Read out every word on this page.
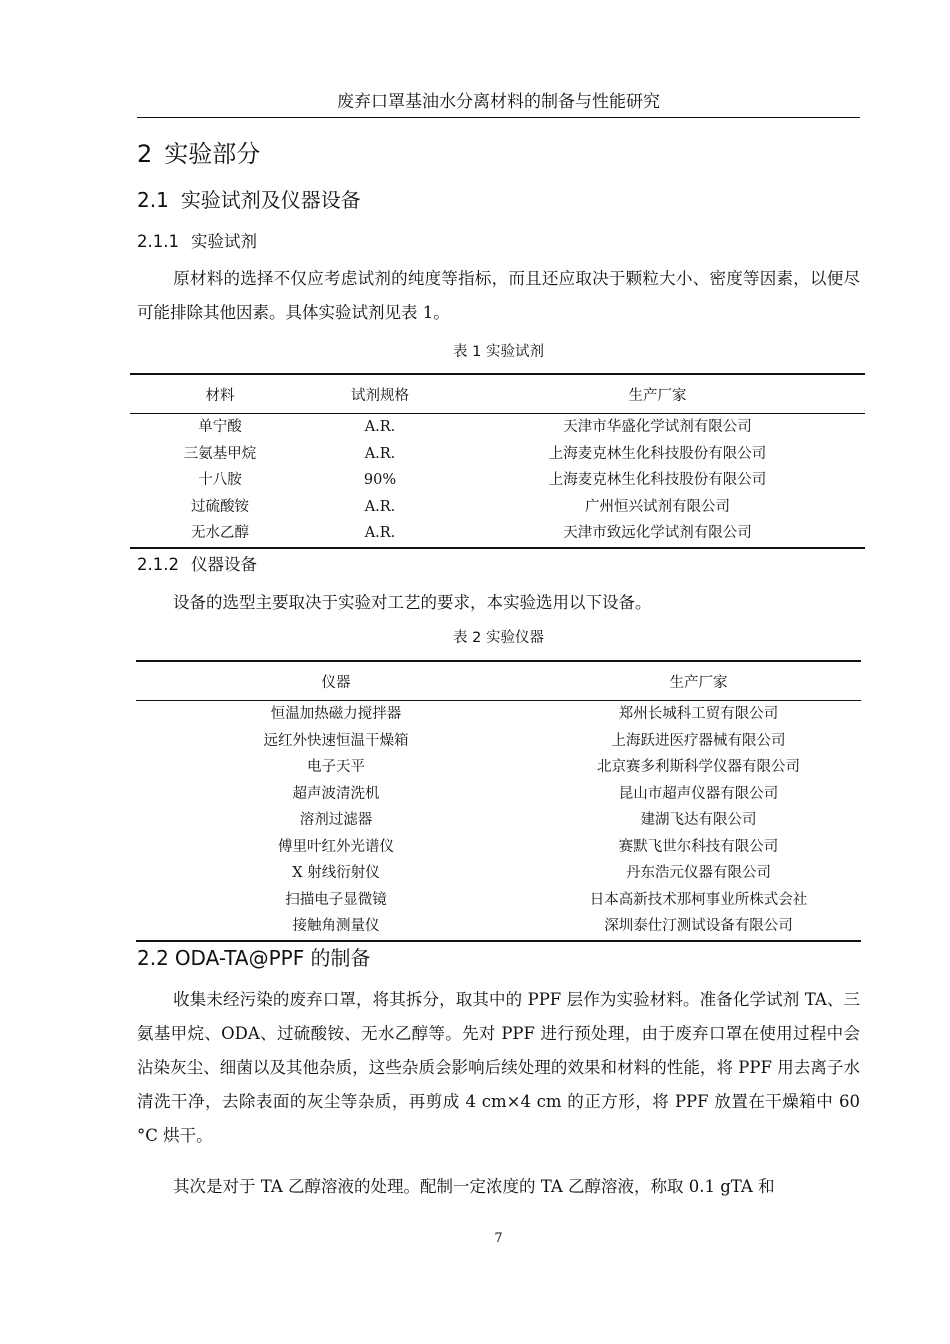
废弃口罩基油水分离材料的制备与性能研究
2 实验部分
2.1 实验试剂及仪器设备
2.1.1 实验试剂

原材料的选择不仅应考虑试剂的纯度等指标，而且还应取决于颗粒大小、密度等因素，以便尽可能排除其他因素。具体实验试剂见表 1。

表 1 实验试剂
材料	试剂规格	生产厂家
单宁酸	A.R.	天津市华盛化学试剂有限公司
三氨基甲烷	A.R.	上海麦克林生化科技股份有限公司
十八胺	90%	上海麦克林生化科技股份有限公司
过硫酸铵	A.R.	广州恒兴试剂有限公司
无水乙醇	A.R.	天津市致远化学试剂有限公司
2.1.2 仪器设备

设备的选型主要取决于实验对工艺的要求，本实验选用以下设备。

表 2 实验仪器
仪器	生产厂家
恒温加热磁力搅拌器	郑州长城科工贸有限公司
远红外快速恒温干燥箱	上海跃进医疗器械有限公司
电子天平	北京赛多利斯科学仪器有限公司
超声波清洗机	昆山市超声仪器有限公司
溶剂过滤器	建湖飞达有限公司
傅里叶红外光谱仪	赛默飞世尔科技有限公司
X 射线衍射仪	丹东浩元仪器有限公司
扫描电子显微镜	日本高新技术那柯事业所株式会社
接触角测量仪	深圳泰仕汀测试设备有限公司
2.2 ODA-TA@PPF 的制备

收集未经污染的废弃口罩，将其拆分，取其中的 PPF 层作为实验材料。准备化学试剂 TA、三氨基甲烷、ODA、过硫酸铵、无水乙醇等。先对 PPF 进行预处理，由于废弃口罩在使用过程中会沾染灰尘、细菌以及其他杂质，这些杂质会影响后续处理的效果和材料的性能，将 PPF 用去离子水清洗干净，去除表面的灰尘等杂质，再剪成 4 cm×4 cm 的正方形，将 PPF 放置在干燥箱中 60 °C 烘干。

其次是对于 TA 乙醇溶液的处理。配制一定浓度的 TA 乙醇溶液，称取 0.1 gTA 和

7
